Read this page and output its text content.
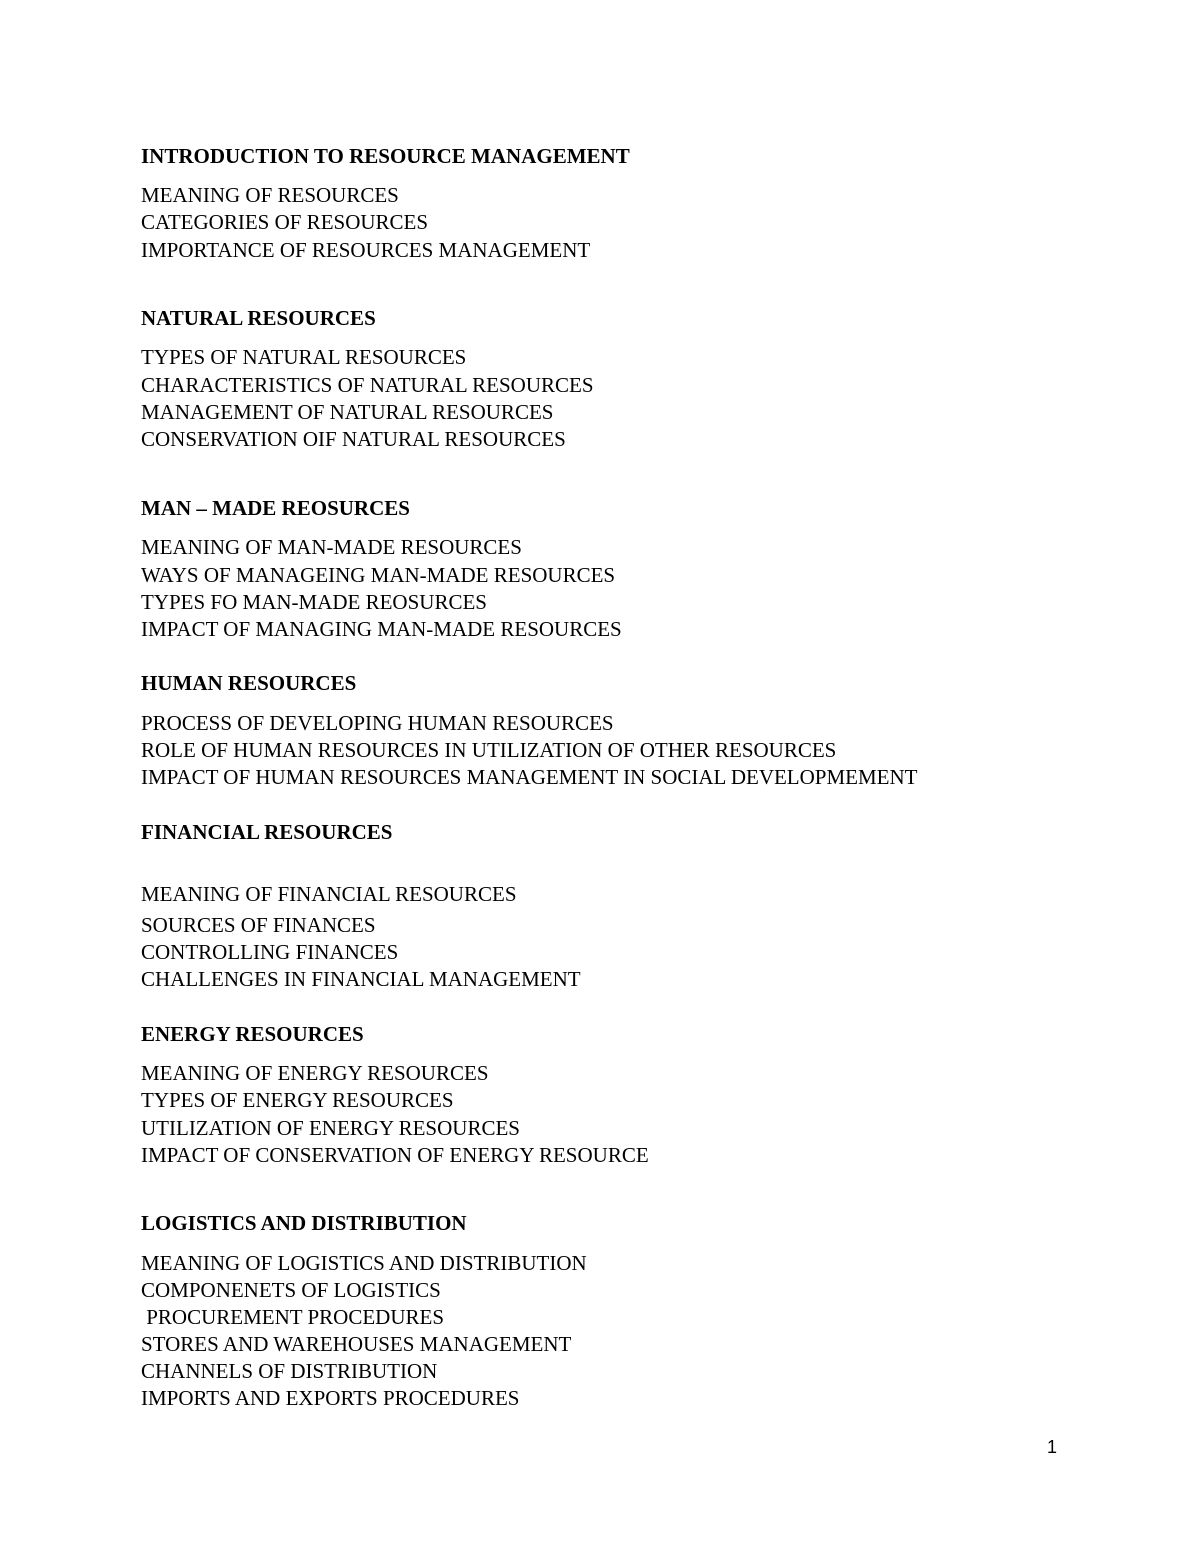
INTRODUCTION TO RESOURCE MANAGEMENT
MEANING OF RESOURCES
CATEGORIES OF RESOURCES
IMPORTANCE OF RESOURCES MANAGEMENT
NATURAL RESOURCES
TYPES OF NATURAL RESOURCES
CHARACTERISTICS OF NATURAL RESOURCES
MANAGEMENT OF NATURAL RESOURCES
CONSERVATION OIF NATURAL RESOURCES
MAN – MADE REOSURCES
MEANING OF MAN-MADE RESOURCES
WAYS OF MANAGEING MAN-MADE RESOURCES
TYPES FO MAN-MADE REOSURCES
IMPACT OF MANAGING MAN-MADE RESOURCES
HUMAN RESOURCES
PROCESS OF DEVELOPING HUMAN RESOURCES
ROLE OF HUMAN RESOURCES IN UTILIZATION OF OTHER RESOURCES
IMPACT OF HUMAN RESOURCES MANAGEMENT IN SOCIAL DEVELOPMEMENT
FINANCIAL RESOURCES
MEANING OF FINANCIAL RESOURCES
SOURCES OF FINANCES
CONTROLLING FINANCES
CHALLENGES IN FINANCIAL MANAGEMENT
ENERGY RESOURCES
MEANING OF ENERGY RESOURCES
TYPES OF ENERGY RESOURCES
UTILIZATION OF ENERGY RESOURCES
IMPACT OF CONSERVATION OF ENERGY RESOURCE
LOGISTICS AND DISTRIBUTION
MEANING OF LOGISTICS AND DISTRIBUTION
COMPONENETS OF LOGISTICS
PROCUREMENT PROCEDURES
STORES AND WAREHOUSES MANAGEMENT
CHANNELS OF DISTRIBUTION
IMPORTS AND EXPORTS PROCEDURES
1
